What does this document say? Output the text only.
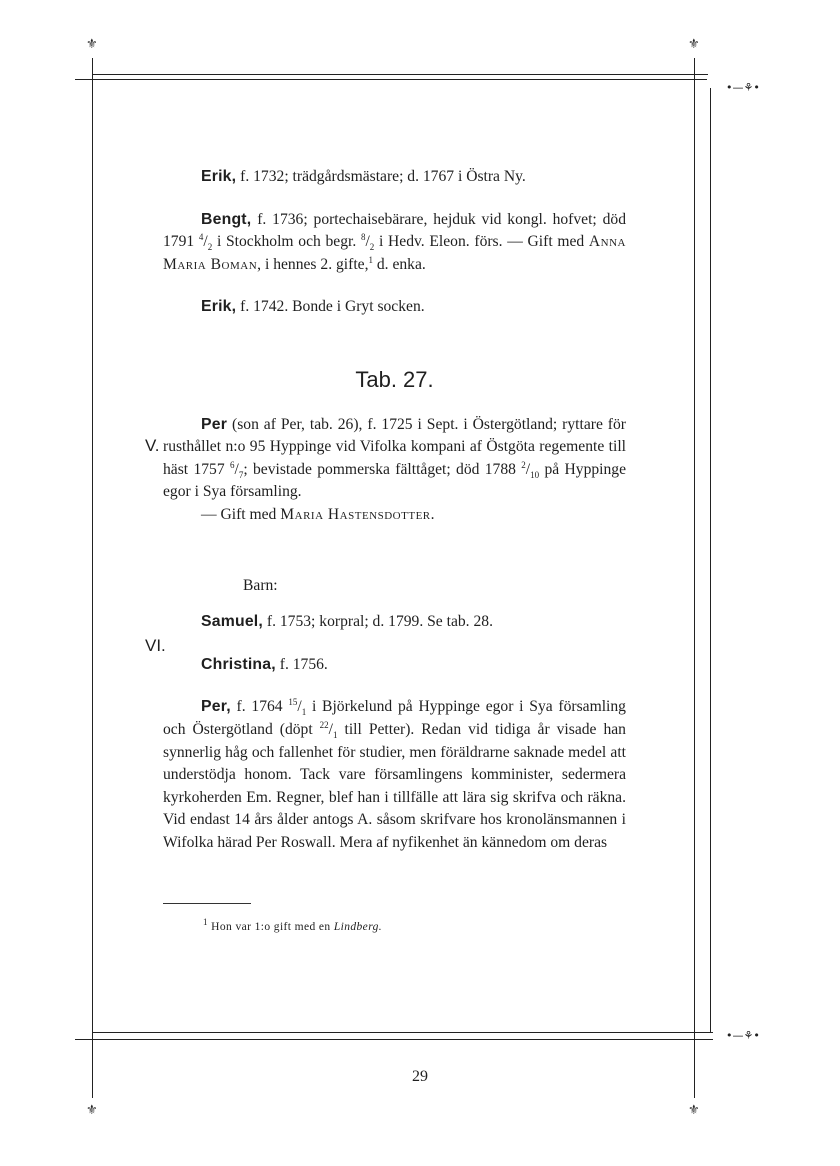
⚜	⚜
⚜	⚜
•—⚘•
•—⚘•
V.
VI.

Erik, f. 1732; trädgårdsmästare; d. 1767 i Östra Ny.

Bengt, f. 1736; portechaisebärare, hejduk vid kongl. hofvet; död 1791 $^4/_2$ i Stockholm och begr. $^8/_2$ i Hedv. Eleon. förs. — Gift med Anna Maria Boman, i hennes 2. gifte,$^1$ d. enka.

Erik, f. 1742. Bonde i Gryt socken.

Tab. 27.

Per (son af Per, tab. 26), f. 1725 i Sept. i Östergötland; ryttare för rusthållet n:o 95 Hyppinge vid Vifolka kompani af Östgöta regemente till häst 1757 $^6/_7$; bevistade pommerska fälttåget; död 1788 $^2/_{10}$ på Hyppinge egor i Sya församling.

— Gift med Maria Hastensdotter.

Barn:

Samuel, f. 1753; korpral; d. 1799. Se tab. 28.

Christina, f. 1756.

Per, f. 1764 $^{15}/_1$ i Björkelund på Hyppinge egor i Sya församling och Östergötland (döpt $^{22}/_1$ till Petter). Redan vid tidiga år visade han synnerlig håg och fallenhet för studier, men föräldrarne saknade medel att understödja honom. Tack vare församlingens komminister, sedermera kyrkoherden Em. Regner, blef han i tillfälle att lära sig skrifva och räkna. Vid endast 14 års ålder antogs A. såsom skrifvare hos kronolänsmannen i Wifolka härad Per Roswall. Mera af nyfikenhet än kännedom om deras

$^1$ Hon var 1:o gift med en Lindberg.
29
